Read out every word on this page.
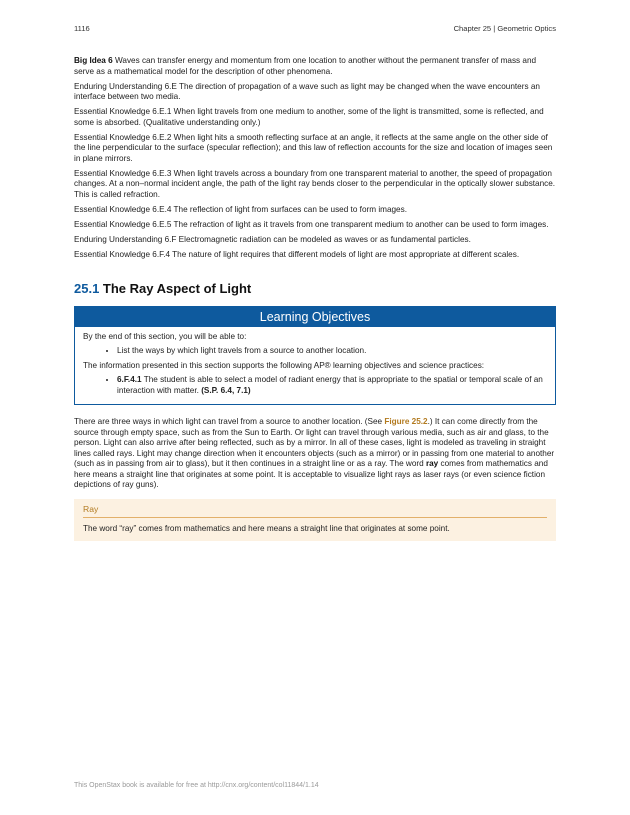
1116	Chapter 25 | Geometric Optics

Big Idea 6 Waves can transfer energy and momentum from one location to another without the permanent transfer of mass and serve as a mathematical model for the description of other phenomena.

Enduring Understanding 6.E The direction of propagation of a wave such as light may be changed when the wave encounters an interface between two media.

Essential Knowledge 6.E.1 When light travels from one medium to another, some of the light is transmitted, some is reflected, and some is absorbed. (Qualitative understanding only.)

Essential Knowledge 6.E.2 When light hits a smooth reflecting surface at an angle, it reflects at the same angle on the other side of the line perpendicular to the surface (specular reflection); and this law of reflection accounts for the size and location of images seen in plane mirrors.

Essential Knowledge 6.E.3 When light travels across a boundary from one transparent material to another, the speed of propagation changes. At a non–normal incident angle, the path of the light ray bends closer to the perpendicular in the optically slower substance. This is called refraction.

Essential Knowledge 6.E.4 The reflection of light from surfaces can be used to form images.

Essential Knowledge 6.E.5 The refraction of light as it travels from one transparent medium to another can be used to form images.

Enduring Understanding 6.F Electromagnetic radiation can be modeled as waves or as fundamental particles.

Essential Knowledge 6.F.4 The nature of light requires that different models of light are most appropriate at different scales.

25.1 The Ray Aspect of Light
Learning Objectives

By the end of this section, you will be able to:

• List the ways by which light travels from a source to another location.

The information presented in this section supports the following AP® learning objectives and science practices:

• 6.F.4.1 The student is able to select a model of radiant energy that is appropriate to the spatial or temporal scale of an interaction with matter. (S.P. 6.4, 7.1)

There are three ways in which light can travel from a source to another location. (See Figure 25.2.) It can come directly from the source through empty space, such as from the Sun to Earth. Or light can travel through various media, such as air and glass, to the person. Light can also arrive after being reflected, such as by a mirror. In all of these cases, light is modeled as traveling in straight lines called rays. Light may change direction when it encounters objects (such as a mirror) or in passing from one material to another (such as in passing from air to glass), but it then continues in a straight line or as a ray. The word ray comes from mathematics and here means a straight line that originates at some point. It is acceptable to visualize light rays as laser rays (or even science fiction depictions of ray guns).

Ray

The word “ray” comes from mathematics and here means a straight line that originates at some point.

This OpenStax book is available for free at http://cnx.org/content/col11844/1.14
